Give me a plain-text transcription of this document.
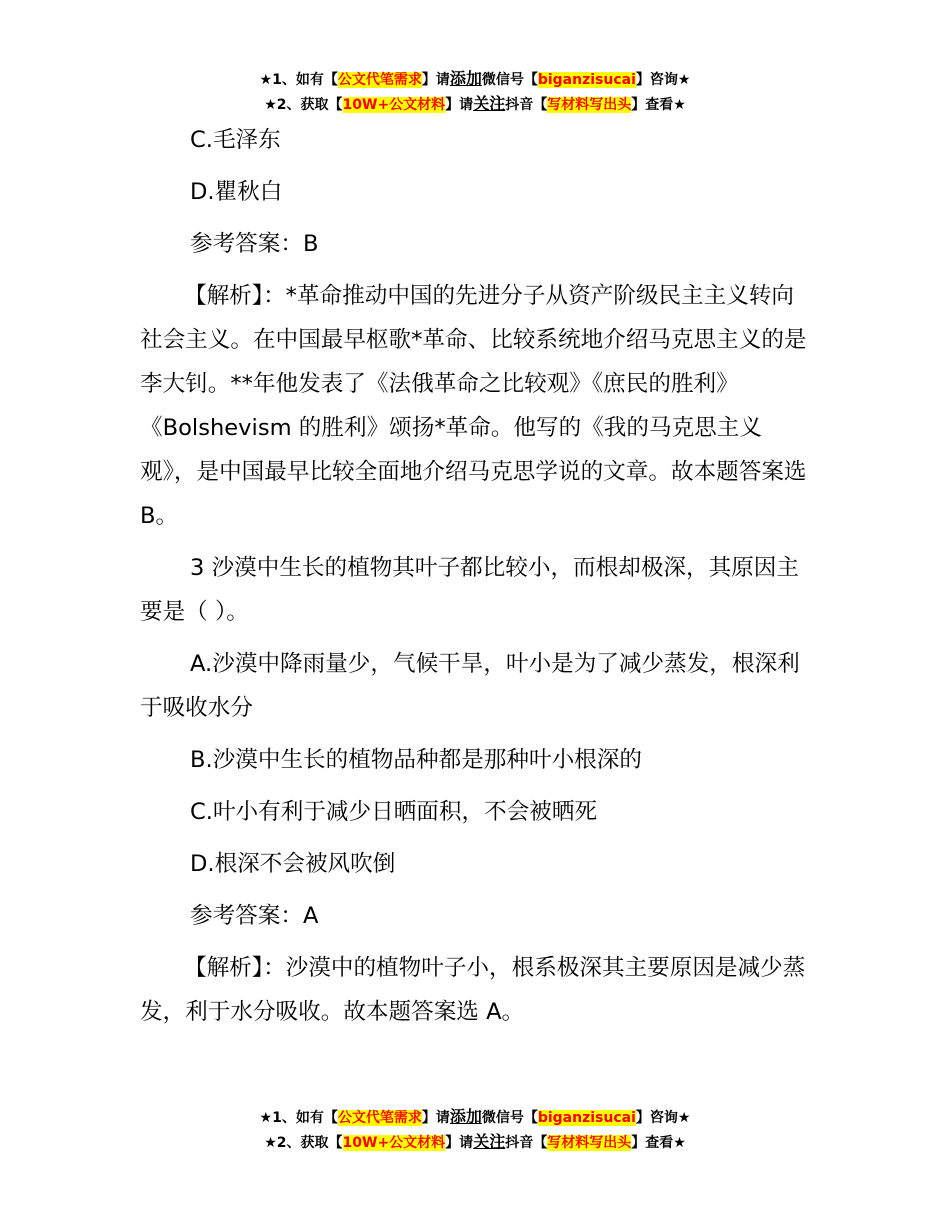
★1、如有【公文代笔需求】请添加微信号【biganzisucai】咨询★
★2、获取【10W+公文材料】请关注抖音【写材料写出头】查看★

C.毛泽东

D.瞿秋白

参考答案：B

【解析】：*革命推动中国的先进分子从资产阶级民主主义转向社会主义。在中国最早枢歌*革命、比较系统地介绍马克思主义的是李大钊。**年他发表了《法俄革命之比较观》《庶民的胜利》《Bolshevism 的胜利》颂扬*革命。他写的《我的马克思主义观》，是中国最早比较全面地介绍马克思学说的文章。故本题答案选 B。

3 沙漠中生长的植物其叶子都比较小，而根却极深，其原因主要是（ ）。

A.沙漠中降雨量少，气候干旱，叶小是为了减少蒸发，根深利于吸收水分

B.沙漠中生长的植物品种都是那种叶小根深的

C.叶小有利于减少日晒面积，不会被晒死

D.根深不会被风吹倒

参考答案：A

【解析】：沙漠中的植物叶子小，根系极深其主要原因是减少蒸发，利于水分吸收。故本题答案选 A。

★1、如有【公文代笔需求】请添加微信号【biganzisucai】咨询★
★2、获取【10W+公文材料】请关注抖音【写材料写出头】查看★
